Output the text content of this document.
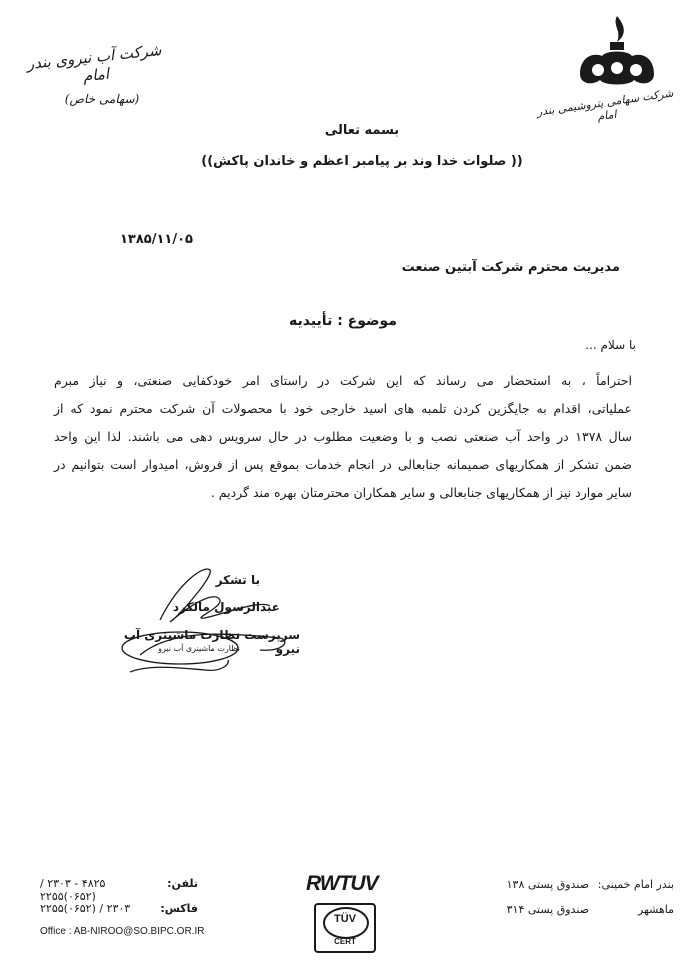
شرکت آب نیروی بندر امام
(سهامی خاص)	شرکت سهامی پتروشیمی بندر امام
بسمه تعالی
(( صلوات خدا وند بر پیامبر اعظم و خاندان پاکش))
۱۳۸۵/۱۱/۰۵
مدیریت محترم شرکت آبتین صنعت
موضوع : تأییدیه
با سلام ...
احتراماً ، به استحضار می رساند که این شرکت در راستای امر خودکفایی صنعتی، و نیاز مبرم
عملیاتی، اقدام به جایگزین کردن تلمبه های اسید خارجی خود با محصولات آن شرکت محترم نمود که از
سال ۱۳۷۸ در واحد آب صنعتی نصب و با وضعیت مطلوب در حال سرویس دهی می باشند. لذا این واحد
ضمن تشکر از همکاریهای صمیمانه جنابعالی در انجام خدمات بموقع پس از فروش، امیدوار است بتوانیم در
سایر موارد نیز از همکاریهای جنابعالی و سایر همکاران محترمتان بهره مند گردیم .
با تشکر
عبدالرسول مالکرد
سرپرست نظارت ماشینری آب نیرو
نظارت ماشینری آب نیرو
تلفن:
۴۸۲۵ - ۲۳۰۳ / (۰۶۵۲)۲۲۵۵
فاکس:
۲۳۰۳ / (۰۶۵۲)۲۲۵۵
Office : AB-NIROO@SO.BIPC.OR.IR
RWTUV
TÜV
CERT
بندر امام خمینی:
صندوق پستی ۱۳۸
ماهشهر
صندوق پستی ۳۱۴
